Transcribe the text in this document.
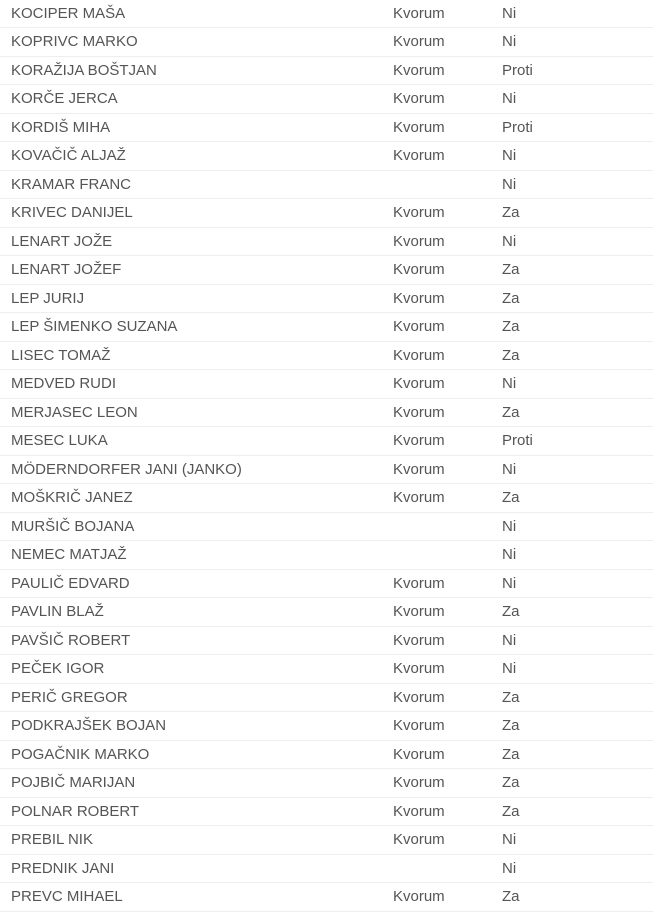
KOCIPER MAŠA	Kvorum	Ni
KOPRIVC MARKO	Kvorum	Ni
KORAŽIJA BOŠTJAN	Kvorum	Proti
KORČE JERCA	Kvorum	Ni
KORDIŠ MIHA	Kvorum	Proti
KOVAČIČ ALJAŽ	Kvorum	Ni
KRAMAR FRANC		Ni
KRIVEC DANIJEL	Kvorum	Za
LENART JOŽE	Kvorum	Ni
LENART JOŽEF	Kvorum	Za
LEP JURIJ	Kvorum	Za
LEP ŠIMENKO SUZANA	Kvorum	Za
LISEC TOMAŽ	Kvorum	Za
MEDVED RUDI	Kvorum	Ni
MERJASEC LEON	Kvorum	Za
MESEC LUKA	Kvorum	Proti
MÖDERNDORFER JANI (JANKO)	Kvorum	Ni
MOŠKRIČ JANEZ	Kvorum	Za
MURŠIČ BOJANA		Ni
NEMEC MATJAŽ		Ni
PAULIČ EDVARD	Kvorum	Ni
PAVLIN BLAŽ	Kvorum	Za
PAVŠIČ ROBERT	Kvorum	Ni
PEČEK IGOR	Kvorum	Ni
PERIČ GREGOR	Kvorum	Za
PODKRAJŠEK BOJAN	Kvorum	Za
POGAČNIK MARKO	Kvorum	Za
POJBIČ MARIJAN	Kvorum	Za
POLNAR ROBERT	Kvorum	Za
PREBIL NIK	Kvorum	Ni
PREDNIK JANI		Ni
PREVC MIHAEL	Kvorum	Za
